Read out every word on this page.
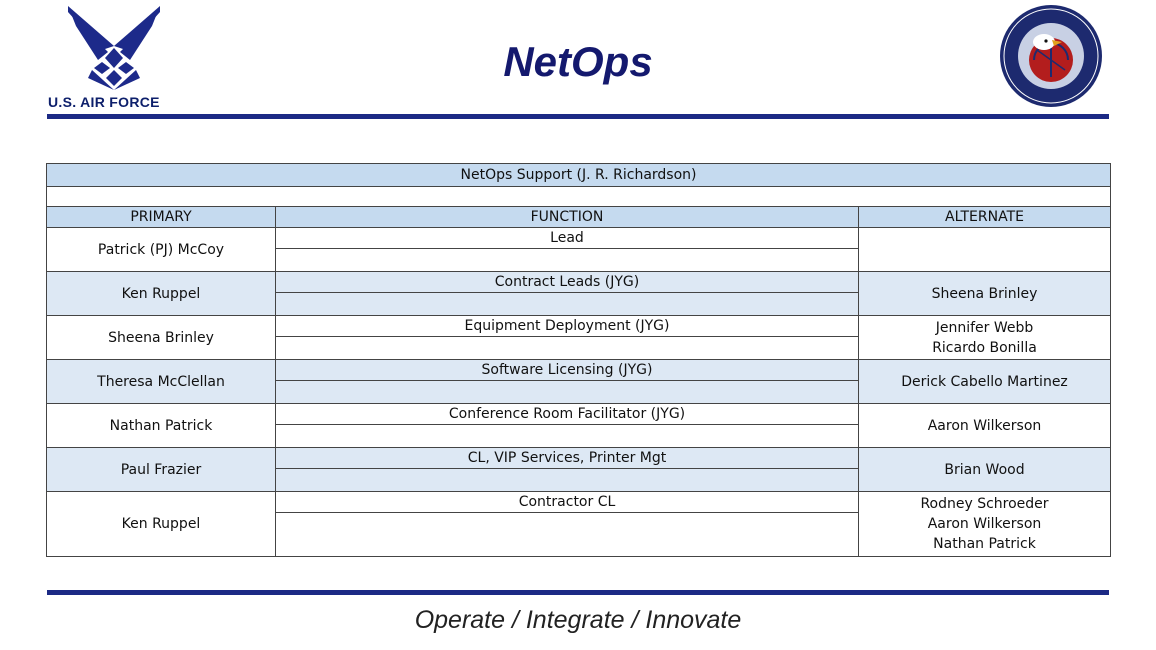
U.S. AIR FORCE
NetOps
NetOps Support (J. R. Richardson)		

PRIMARY	FUNCTION	ALTERNATE
Patrick (PJ) McCoy	Lead	

Ken Ruppel	Contract Leads (JYG)	Sheena Brinley

Sheena Brinley	Equipment Deployment (JYG)	Jennifer Webb
Ricardo Bonilla

Theresa McClellan	Software Licensing (JYG)	Derick Cabello Martinez

Nathan Patrick	Conference Room Facilitator (JYG)	Aaron Wilkerson

Paul Frazier	CL, VIP Services, Printer Mgt	Brian Wood

Ken Ruppel	Contractor CL	Rodney Schroeder
Aaron Wilkerson
Nathan Patrick

Operate / Integrate / Innovate
